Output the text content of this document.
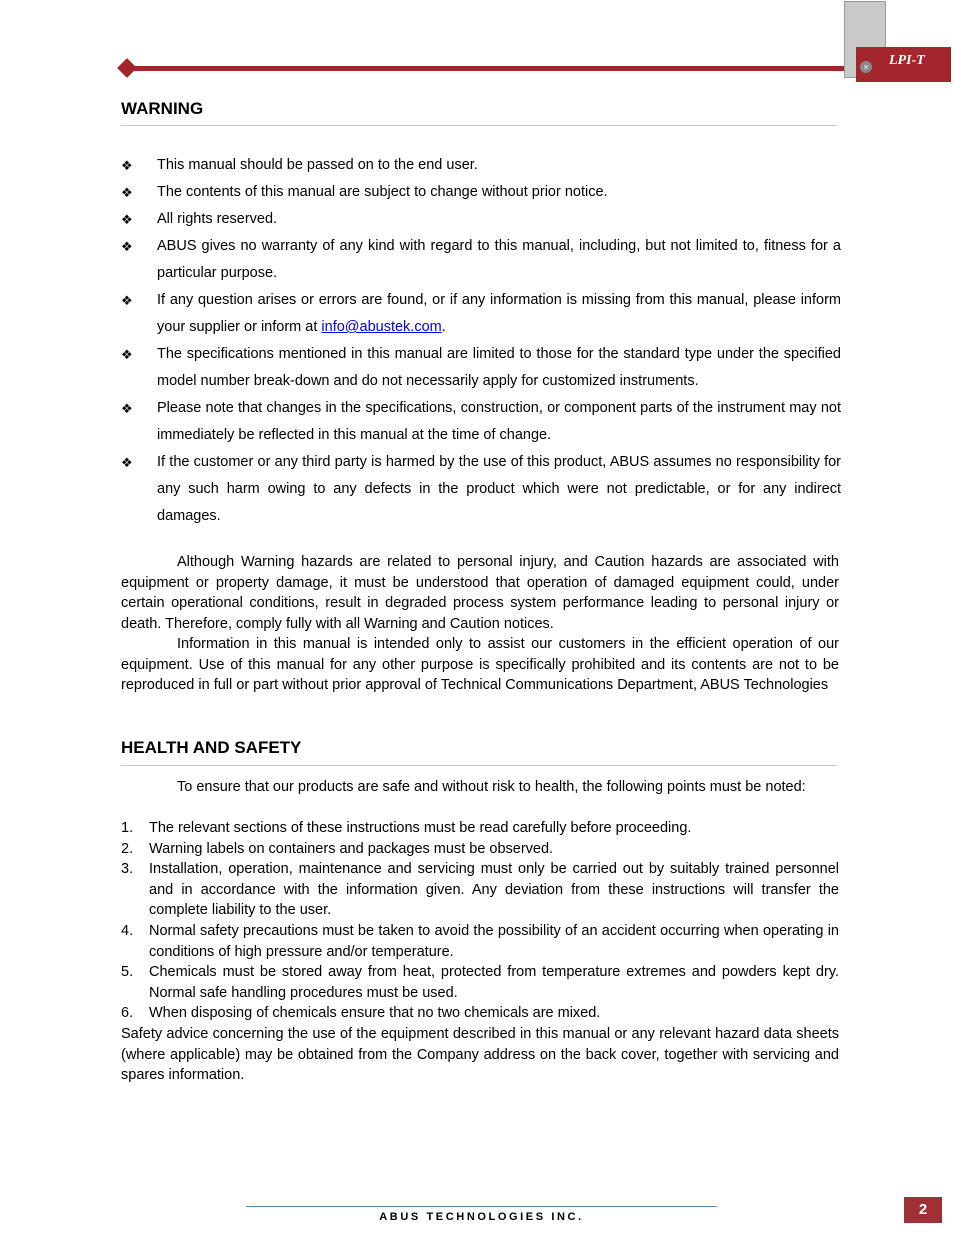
LPI-T
×
WARNING
❖ This manual should be passed on to the end user.
❖ The contents of this manual are subject to change without prior notice.
❖ All rights reserved.
❖ ABUS gives no warranty of any kind with regard to this manual, including, but not limited to, fitness for a particular purpose.
❖ If any question arises or errors are found, or if any information is missing from this manual, please inform your supplier or inform at info@abustek.com.
❖ The specifications mentioned in this manual are limited to those for the standard type under the specified model number break-down and do not necessarily apply for customized instruments.
❖ Please note that changes in the specifications, construction, or component parts of the instrument may not immediately be reflected in this manual at the time of change.
❖ If the customer or any third party is harmed by the use of this product, ABUS assumes no responsibility for any such harm owing to any defects in the product which were not predictable, or for any indirect damages.

Although Warning hazards are related to personal injury, and Caution hazards are associated with equipment or property damage, it must be understood that operation of damaged equipment could, under certain operational conditions, result in degraded process system performance leading to personal injury or death. Therefore, comply fully with all Warning and Caution notices.

Information in this manual is intended only to assist our customers in the efficient operation of our equipment. Use of this manual for any other purpose is specifically prohibited and its contents are not to be reproduced in full or part without prior approval of Technical Communications Department, ABUS Technologies

HEALTH AND SAFETY

To ensure that our products are safe and without risk to health, the following points must be noted:

1. The relevant sections of these instructions must be read carefully before proceeding.
2. Warning labels on containers and packages must be observed.
3. Installation, operation, maintenance and servicing must only be carried out by suitably trained personnel and in accordance with the information given. Any deviation from these instructions will transfer the complete liability to the user.
4. Normal safety precautions must be taken to avoid the possibility of an accident occurring when operating in conditions of high pressure and/or temperature.
5. Chemicals must be stored away from heat, protected from temperature extremes and powders kept dry. Normal safe handling procedures must be used.
6. When disposing of chemicals ensure that no two chemicals are mixed.

Safety advice concerning the use of the equipment described in this manual or any relevant hazard data sheets (where applicable) may be obtained from the Company address on the back cover, together with servicing and spares information.

ABUS TECHNOLOGIES INC.	2
